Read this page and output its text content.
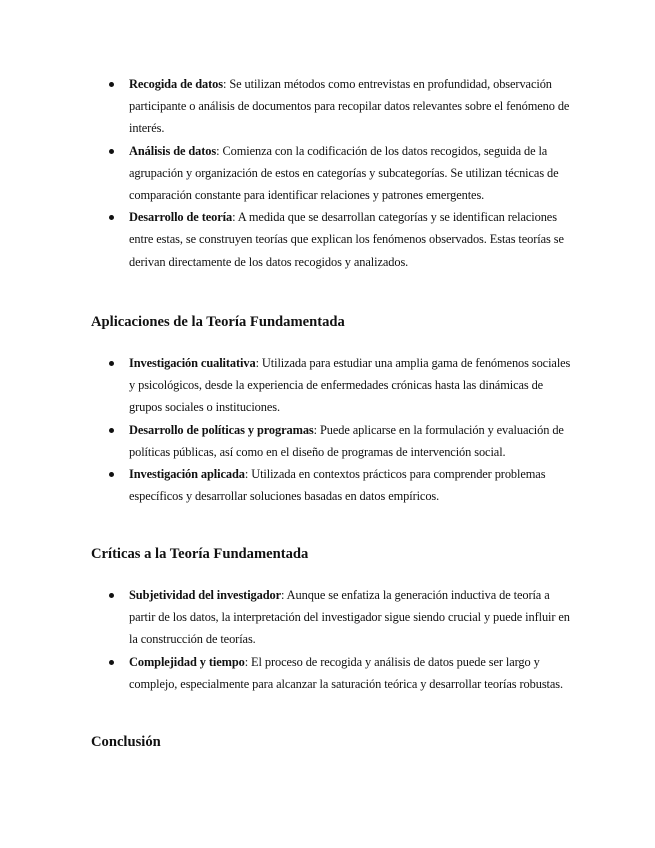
Recogida de datos: Se utilizan métodos como entrevistas en profundidad, observación participante o análisis de documentos para recopilar datos relevantes sobre el fenómeno de interés.
Análisis de datos: Comienza con la codificación de los datos recogidos, seguida de la agrupación y organización de estos en categorías y subcategorías. Se utilizan técnicas de comparación constante para identificar relaciones y patrones emergentes.
Desarrollo de teoría: A medida que se desarrollan categorías y se identifican relaciones entre estas, se construyen teorías que explican los fenómenos observados. Estas teorías se derivan directamente de los datos recogidos y analizados.
Aplicaciones de la Teoría Fundamentada
Investigación cualitativa: Utilizada para estudiar una amplia gama de fenómenos sociales y psicológicos, desde la experiencia de enfermedades crónicas hasta las dinámicas de grupos sociales o instituciones.
Desarrollo de políticas y programas: Puede aplicarse en la formulación y evaluación de políticas públicas, así como en el diseño de programas de intervención social.
Investigación aplicada: Utilizada en contextos prácticos para comprender problemas específicos y desarrollar soluciones basadas en datos empíricos.
Críticas a la Teoría Fundamentada
Subjetividad del investigador: Aunque se enfatiza la generación inductiva de teoría a partir de los datos, la interpretación del investigador sigue siendo crucial y puede influir en la construcción de teorías.
Complejidad y tiempo: El proceso de recogida y análisis de datos puede ser largo y complejo, especialmente para alcanzar la saturación teórica y desarrollar teorías robustas.
Conclusión
